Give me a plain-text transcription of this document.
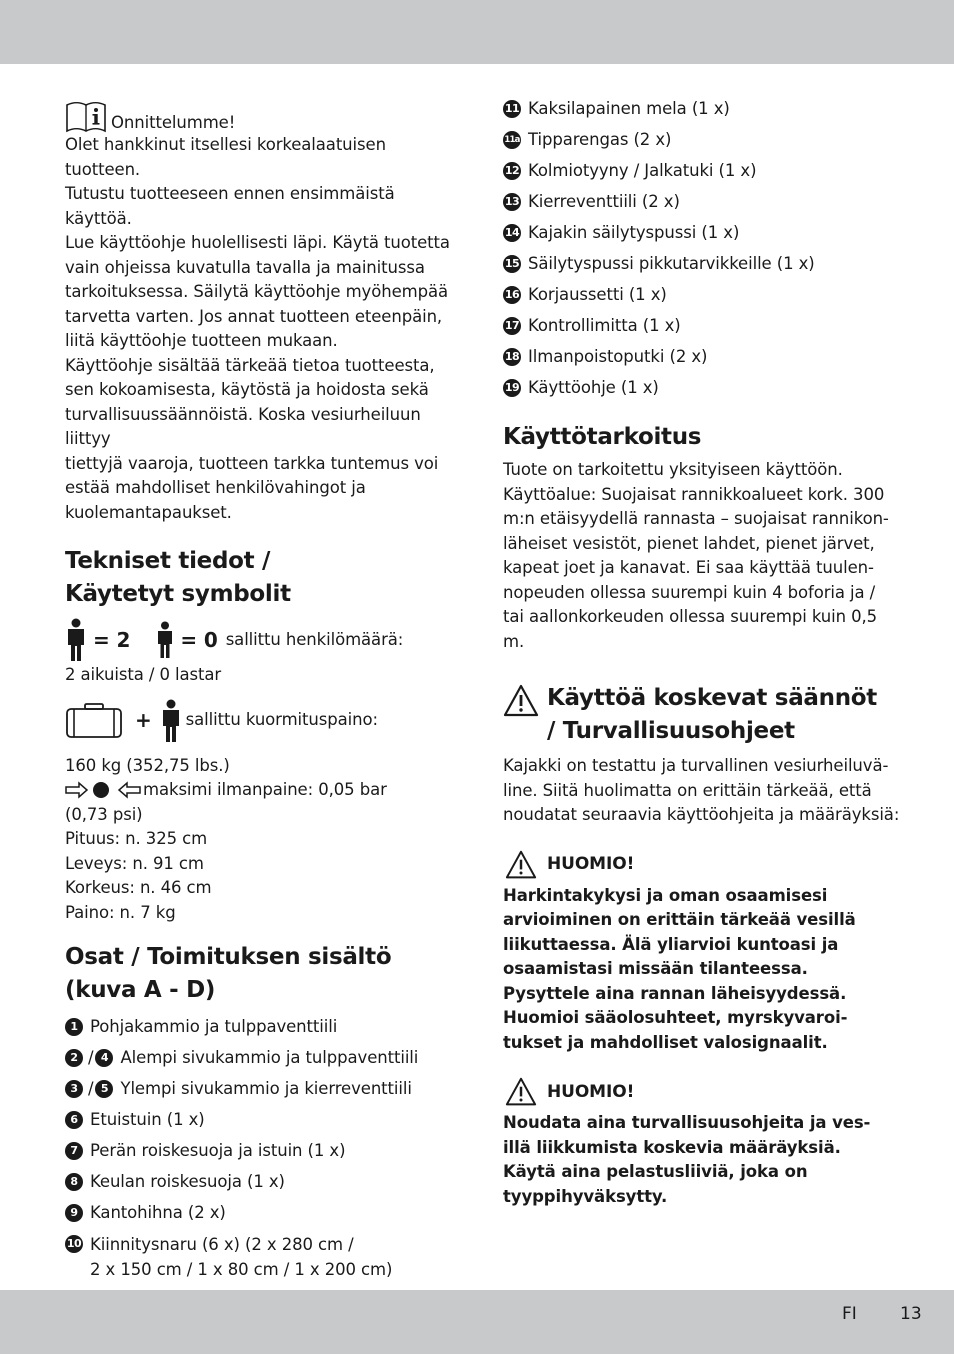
Onnittelumme!
Olet hankkinut itsellesi korkealaatuisen tuotteen.
Tutustu tuotteeseen ennen ensimmäistä käyttöä.
Lue käyttöohje huolellisesti läpi. Käytä tuotetta
vain ohjeissa kuvatulla tavalla ja mainitussa
tarkoituksessa. Säilytä käyttöohje myöhempää
tarvetta varten. Jos annat tuotteen eteenpäin,
liitä käyttöohje tuotteen mukaan.
Käyttöohje sisältää tärkeää tietoa tuotteesta,
sen kokoamisesta, käytöstä ja hoidosta sekä
turvallisuussäännöistä. Koska vesiurheiluun liittyy
tiettyjä vaaroja, tuotteen tarkka tuntemus voi
estää mahdolliset henkilövahingot ja
kuolemantapaukset.
Tekniset tiedot /
Käytetyt symbolit
= 2	= 0 sallittu henkilömäärä:
2 aikuista / 0 lastar
+ sallittu kuormituspaino:
160 kg (352,75 lbs.)
maksimi ilmanpaine: 0,05 bar
(0,73 psi)
Pituus: n. 325 cm
Leveys: n. 91 cm
Korkeus: n. 46 cm
Paino: n. 7 kg
Osat / Toimituksen sisältö
(kuva A - D)
1 Pohjakammio ja tulppaventtiili
2 / 4 Alempi sivukammio ja tulppaventtiili
3 / 5 Ylempi sivukammio ja kierreventtiili
6 Etuistuin (1 x)
7 Perän roiskesuoja ja istuin (1 x)
8 Keulan roiskesuoja (1 x)
9 Kantohihna (2 x)
10 Kiinnitysnaru (6 x) (2 x 280 cm /
2 x 150 cm / 1 x 80 cm / 1 x 200 cm)
11 Kaksilapainen mela (1 x)
11a Tipparengas (2 x)
12 Kolmiotyyny / Jalkatuki (1 x)
13 Kierreventtiili (2 x)
14 Kajakin säilytyspussi (1 x)
15 Säilytyspussi pikkutarvikkeille (1 x)
16 Korjaussetti (1 x)
17 Kontrollimitta (1 x)
18 Ilmanpoistoputki (2 x)
19 Käyttöohje (1 x)
Käyttötarkoitus
Tuote on tarkoitettu yksityiseen käyttöön.
Käyttöalue: Suojaisat rannikkoalueet kork. 300
m:n etäisyydellä rannasta – suojaisat rannikon-
läheiset vesistöt, pienet lahdet, pienet järvet,
kapeat joet ja kanavat. Ei saa käyttää tuulen-
nopeuden ollessa suurempi kuin 4 boforia ja /
tai aallonkorkeuden ollessa suurempi kuin 0,5 m.
Käyttöä koskevat säännöt
/ Turvallisuusohjeet
Kajakki on testattu ja turvallinen vesiurheiluvä-
line. Siitä huolimatta on erittäin tärkeää, että
noudatat seuraavia käyttöohjeita ja määräyksiä:
HUOMIO!
Harkintakykysi ja oman osaamisesi
arvioiminen on erittäin tärkeää vesillä
liikuttaessa. Älä yliarvioi kuntoasi ja
osaamistasi missään tilanteessa.
Pysyttele aina rannan läheisyydessä.
Huomioi sääolosuhteet, myrskyvaroi-
tukset ja mahdolliset valosignaalit.
HUOMIO!
Noudata aina turvallisuusohjeita ja ves-
illä liikkumista koskevia määräyksiä.
Käytä aina pelastusliiviä, joka on
tyyppihyväksytty.
FI	13
